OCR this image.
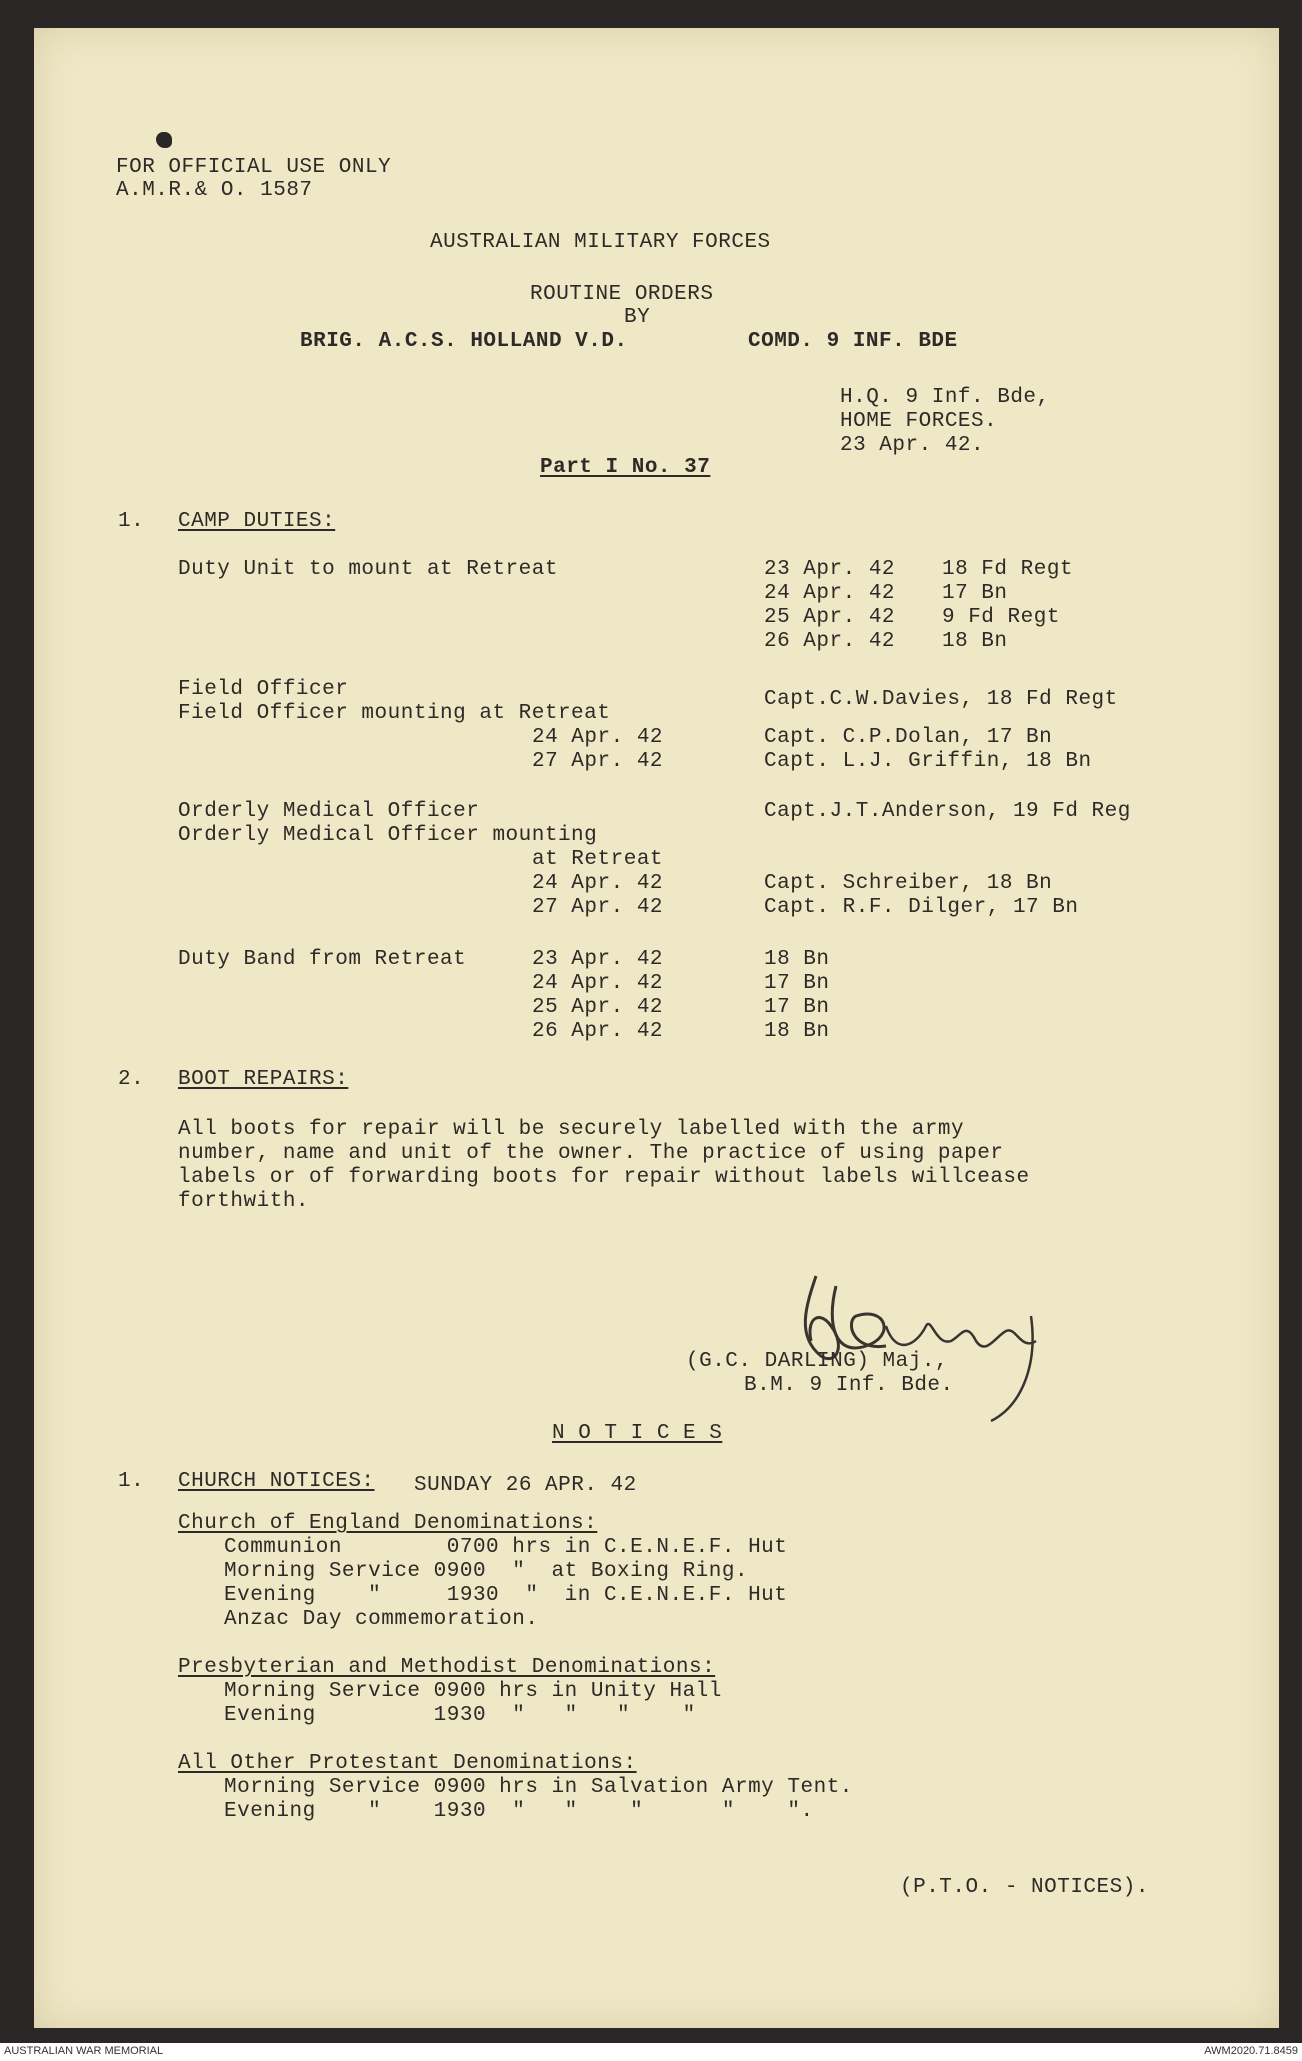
FOR OFFICIAL USE ONLY
A.M.R.& O. 1587
AUSTRALIAN MILITARY FORCES
ROUTINE ORDERS
BY
BRIG. A.C.S. HOLLAND V.D.	COMD. 9 INF. BDE
H.Q. 9 Inf. Bde,
HOME FORCES.
23 Apr. 42.
Part I No. 37
1. CAMP DUTIES:
Duty Unit to mount at Retreat	23 Apr. 42 18 Fd Regt
24 Apr. 42 17 Bn
25 Apr. 42 9 Fd Regt
26 Apr. 42 18 Bn
Field Officer	Capt.C.W.Davies, 18 Fd Regt
Field Officer mounting at Retreat
24 Apr. 42	Capt. C.P.Dolan, 17 Bn
27 Apr. 42	Capt. L.J. Griffin, 18 Bn
Orderly Medical Officer	Capt.J.T.Anderson, 19 Fd Reg
Orderly Medical Officer mounting
at Retreat
24 Apr. 42	Capt. Schreiber, 18 Bn
27 Apr. 42	Capt. R.F. Dilger, 17 Bn
Duty Band from Retreat	23 Apr. 42	18 Bn
24 Apr. 42	17 Bn
25 Apr. 42	17 Bn
26 Apr. 42	18 Bn
2. BOOT REPAIRS:
All boots for repair will be securely labelled with the army
number, name and unit of the owner. The practice of using paper
labels or of forwarding boots for repair without labels willcease
forthwith.
(G.C. DARLING) Maj.,
B.M. 9 Inf. Bde.
N O T I C E S
1. CHURCH NOTICES: SUNDAY 26 APR. 42
Church of England Denominations:
Communion        0700 hrs in C.E.N.E.F. Hut
Morning Service 0900  "  at Boxing Ring.
Evening    "     1930  "  in C.E.N.E.F. Hut
Anzac Day commemoration.
Presbyterian and Methodist Denominations:
Morning Service 0900 hrs in Unity Hall
Evening         1930  "   "   "    "
All Other Protestant Denominations:
Morning Service 0900 hrs in Salvation Army Tent.
Evening    "    1930  "   "    "      "    ".
(P.T.O. - NOTICES).
AUSTRALIAN WAR MEMORIAL	AWM2020.71.8459
